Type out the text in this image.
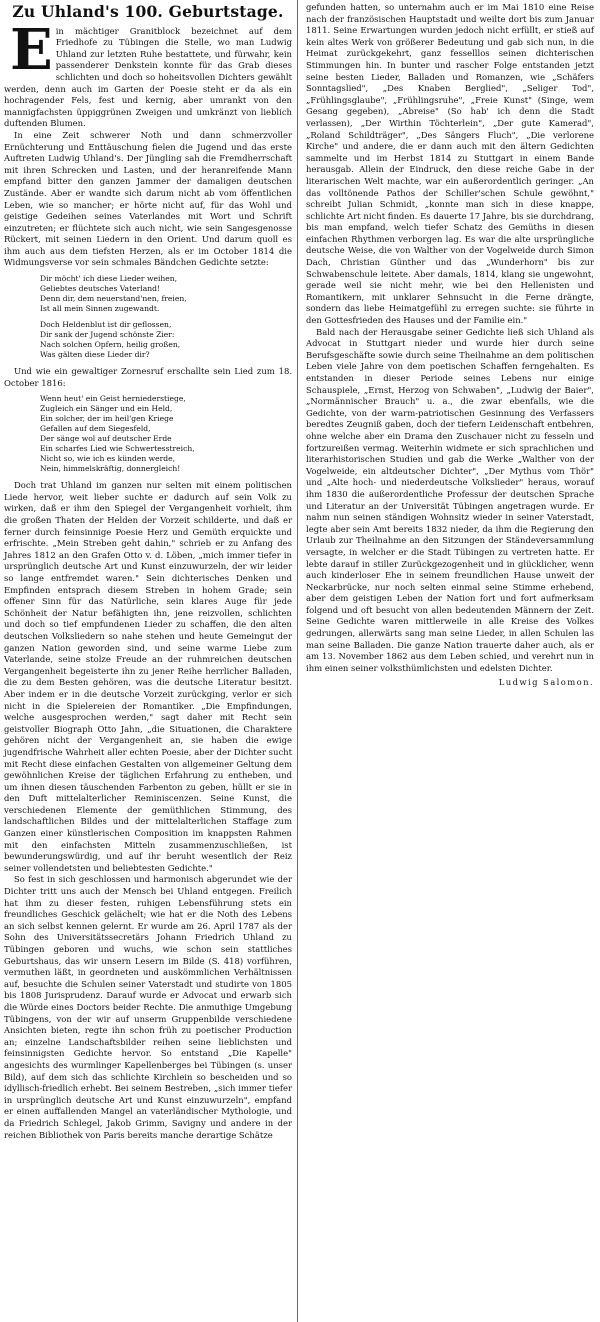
Zu Uhland's 100. Geburtstage.

Ein mächtiger Granitblock bezeichnet auf dem Friedhofe zu Tübingen die Stelle, wo man Ludwig Uhland zur letzten Ruhe bestattete, und fürwahr, kein passenderer Denkstein konnte für das Grab dieses schlichten und doch so hoheitsvollen Dichters gewählt werden, denn auch im Garten der Poesie steht er da als ein hochragender Fels, fest und kernig, aber umrankt von den mannigfachsten üppiggrünen Zweigen und umkränzt von lieblich duftenden Blumen.

In eine Zeit schwerer Noth und dann schmerzvoller Ernüchterung und Enttäuschung fielen die Jugend und das erste Auftreten Ludwig Uhland's. Der Jüngling sah die Fremdherrschaft mit ihren Schrecken und Lasten, und der heranreifende Mann empfand bitter den ganzen Jammer der damaligen deutschen Zustände. Aber er wandte sich darum nicht ab vom öffentlichen Leben, wie so mancher; er hörte nicht auf, für das Wohl und geistige Gedeihen seines Vaterlandes mit Wort und Schrift einzutreten; er flüchtete sich auch nicht, wie sein Sangesgenosse Rückert, mit seinen Liedern in den Orient. Und darum quoll es ihm auch aus dem tiefsten Herzen, als er im October 1814 die Widmungsverse vor sein schmales Bändchen Gedichte setzte:

Dir möcht' ich diese Lieder weihen,
Geliebtes deutsches Vaterland!
Denn dir, dem neuerstand'nen, freien,
Ist all mein Sinnen zugewandt.
Doch Heldenblut ist dir geflossen,
Dir sank der Jugend schönste Zier:
Nach solchen Opfern, heilig großen,
Was gälten diese Lieder dir?

Und wie ein gewaltiger Zornesruf erschallte sein Lied zum 18. October 1816:

Wenn heut' ein Geist herniederstiege,
Zugleich ein Sänger und ein Held,
Ein solcher, der im heil'gen Kriege
Gefallen auf dem Siegesfeld,
Der sänge wol auf deutscher Erde
Ein scharfes Lied wie Schwertesstreich,
Nicht so, wie ich es künden werde,
Nein, himmelskräftig, donnergleich!

Doch trat Uhland im ganzen nur selten mit einem politischen Liede hervor, weit lieber suchte er dadurch auf sein Volk zu wirken, daß er ihm den Spiegel der Vergangenheit vorhielt, ihm die großen Thaten der Helden der Vorzeit schilderte, und daß er ferner durch feinsinnige Poesie Herz und Gemüth erquickte und erfrischte. „Mein Streben geht dahin," schrieb er zu Anfang des Jahres 1812 an den Grafen Otto v. d. Löben, „mich immer tiefer in ursprünglich deutsche Art und Kunst einzuwurzeln, der wir leider so lange entfremdet waren." Sein dichterisches Denken und Empfinden entsprach diesem Streben in hohem Grade; sein offener Sinn für das Natürliche, sein klares Auge für jede Schönheit der Natur befähigten ihn, jene reizvollen, schlichten und doch so tief empfundenen Lieder zu schaffen, die den alten deutschen Volksliedern so nahe stehen und heute Gemeingut der ganzen Nation geworden sind, und seine warme Liebe zum Vaterlande, seine stolze Freude an der ruhmreichen deutschen Vergangenheit begeisterte ihn zu jener Reihe herrlicher Balladen, die zu dem Besten gehören, was die deutsche Literatur besitzt. Aber indem er in die deutsche Vorzeit zurückging, verlor er sich nicht in die Spielereien der Romantiker. „Die Empfindungen, welche ausgesprochen werden," sagt daher mit Recht sein geistvoller Biograph Otto Jahn, „die Situationen, die Charaktere gehören nicht der Vergangenheit an, sie haben die ewige jugendfrische Wahrheit aller echten Poesie, aber der Dichter sucht mit Recht diese einfachen Gestalten von allgemeiner Geltung dem gewöhnlichen Kreise der täglichen Erfahrung zu entheben, und um ihnen diesen täuschenden Farbenton zu geben, hüllt er sie in den Duft mittelalterlicher Reminiscenzen. Seine Kunst, die verschiedenen Elemente der gemüthlichen Stimmung, des landschaftlichen Bildes und der mittelalterlichen Staffage zum Ganzen einer künstlerischen Composition im knappsten Rahmen mit den einfachsten Mitteln zusammenzuschließen, ist bewunderungswürdig, und auf ihr beruht wesentlich der Reiz seiner vollendetsten und beliebtesten Gedichte."

So fest in sich geschlossen und harmonisch abgerundet wie der Dichter tritt uns auch der Mensch bei Uhland entgegen. Freilich hat ihm zu dieser festen, ruhigen Lebensführung stets ein freundliches Geschick gelächelt; wie hat er die Noth des Lebens an sich selbst kennen gelernt. Er wurde am 26. April 1787 als der Sohn des Universitätssecretärs Johann Friedrich Uhland zu Tübingen geboren und wuchs, wie schon sein stattliches Geburtshaus, das wir unsern Lesern im Bilde (S. 418) vorführen, vermuthen läßt, in geordneten und auskömmlichen Verhältnissen auf, besuchte die Schulen seiner Vaterstadt und studirte von 1805 bis 1808 Jurisprudenz. Darauf wurde er Advocat und erwarb sich die Würde eines Doctors beider Rechte. Die anmuthige Umgebung Tübingens, von der wir auf unserm Gruppenbilde verschiedene Ansichten bieten, regte ihn schon früh zu poetischer Production an; einzelne Landschaftsbilder reihen seine lieblichsten und feinsinnigsten Gedichte hervor. So entstand „Die Kapelle" angesichts des wurmlinger Kapellenberges bei Tübingen (s. unser Bild), auf dem sich das schlichte Kirchlein so bescheiden und so idyllisch-friedlich erhebt. Bei seinem Bestreben, „sich immer tiefer in ursprünglich deutsche Art und Kunst einzuwurzeln", empfand er einen auffallenden Mangel an vaterländischer Mythologie, und da Friedrich Schlegel, Jakob Grimm, Savigny und andere in der reichen Bibliothek von Paris bereits manche derartige Schätze

gefunden hatten, so unternahm auch er im Mai 1810 eine Reise nach der französischen Hauptstadt und weilte dort bis zum Januar 1811. Seine Erwartungen wurden jedoch nicht erfüllt, er stieß auf kein altes Werk von größerer Bedeutung und gab sich nun, in die Heimat zurückgekehrt, ganz fesselllos seinen dichterischen Stimmungen hin. In bunter und rascher Folge entstanden jetzt seine besten Lieder, Balladen und Romanzen, wie „Schäfers Sonntagslied", „Des Knaben Berglied", „Seliger Tod", „Frühlingsglaube", „Frühlingsruhe", „Freie Kunst" (Singe, wem Gesang gegeben), „Abreise" (So hab' ich denn die Stadt verlassen), „Der Wirthin Töchterlein", „Der gute Kamerad", „Roland Schildträger", „Des Sängers Fluch", „Die verlorene Kirche" und andere, die er dann auch mit den ältern Gedichten sammelte und im Herbst 1814 zu Stuttgart in einem Bande herausgab. Allein der Eindruck, den diese reiche Gabe in der literarischen Welt machte, war ein außerordentlich geringer. „An das volltönende Pathos der Schiller'schen Schule gewöhnt," schreibt Julian Schmidt, „konnte man sich in diese knappe, schlichte Art nicht finden. Es dauerte 17 Jahre, bis sie durchdrang, bis man empfand, welch tiefer Schatz des Gemüths in diesen einfachen Rhythmen verborgen lag. Es war die alte ursprüngliche deutsche Weise, die von Walther von der Vogelweide durch Simon Dach, Christian Günther und das „Wunderhorn" bis zur Schwabenschule leitete. Aber damals, 1814, klang sie ungewohnt, gerade weil sie nicht mehr, wie bei den Hellenisten und Romantikern, mit unklarer Sehnsucht in die Ferne drängte, sondern das liebe Heimatgefühl zu erregen suchte: sie führte in den Gottesfrieden des Hauses und der Familie ein."

Bald nach der Herausgabe seiner Gedichte ließ sich Uhland als Advocat in Stuttgart nieder und wurde hier durch seine Berufsgeschäfte sowie durch seine Theilnahme an dem politischen Leben viele Jahre von dem poetischen Schaffen ferngehalten. Es entstanden in dieser Periode seines Lebens nur einige Schauspiele, „Ernst, Herzog von Schwaben", „Ludwig der Baier", „Normännischer Brauch" u. a., die zwar ebenfalls, wie die Gedichte, von der warm-patriotischen Gesinnung des Verfassers beredtes Zeugniß gaben, doch der tiefern Leidenschaft entbehren, ohne welche aber ein Drama den Zuschauer nicht zu fesseln und fortzureißen vermag. Weiterhin widmete er sich sprachlichen und literarhistorischen Studien und gab die Werke „Walther von der Vogelweide, ein altdeutscher Dichter", „Der Mythus vom Thör" und „Alte hoch- und niederdeutsche Volkslieder" heraus, worauf ihm 1830 die außerordentliche Professur der deutschen Sprache und Literatur an der Universität Tübingen angetragen wurde. Er nahm nun seinen ständigen Wohnsitz wieder in seiner Vaterstadt, legte aber sein Amt bereits 1832 nieder, da ihm die Regierung den Urlaub zur Theilnahme an den Sitzungen der Ständeversammlung versagte, in welcher er die Stadt Tübingen zu vertreten hatte. Er lebte darauf in stiller Zurückgezogenheit und in glücklicher, wenn auch kinderloser Ehe in seinem freundlichen Hause unweit der Neckarbrücke, nur noch selten einmal seine Stimme erhebend, aber dem geistigen Leben der Nation fort und fort aufmerksam folgend und oft besucht von allen bedeutenden Männern der Zeit. Seine Gedichte waren mittlerweile in alle Kreise des Volkes gedrungen, allerwärts sang man seine Lieder, in allen Schulen las man seine Balladen. Die ganze Nation trauerte daher auch, als er am 13. November 1862 aus dem Leben schied, und verehrt nun in ihm einen seiner volksthümlichsten und edelsten Dichter.

Ludwig Salomon.
